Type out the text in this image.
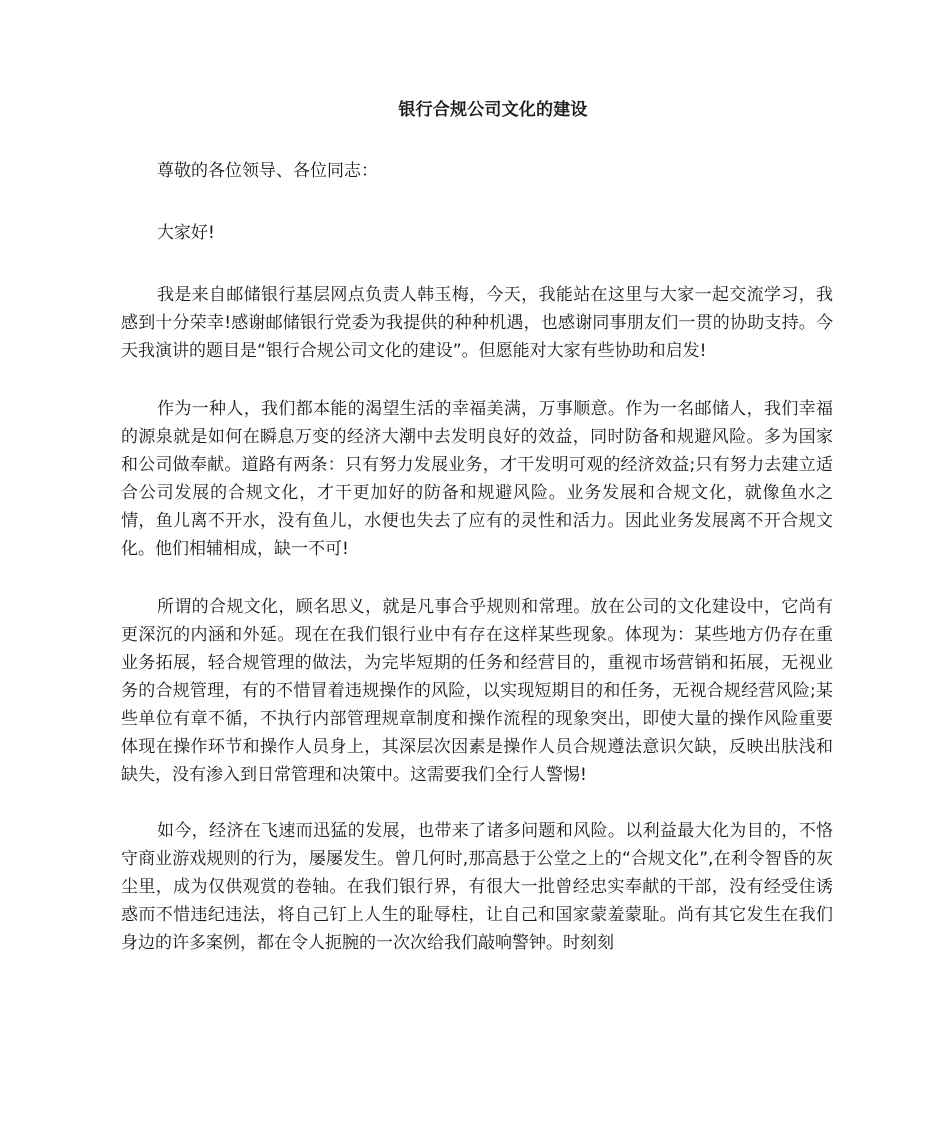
银行合规公司文化的建设

尊敬的各位领导、各位同志：

大家好!

我是来自邮储银行基层网点负责人韩玉梅，今天，我能站在这里与大家一起交流学习，我感到十分荣幸!感谢邮储银行党委为我提供的种种机遇，也感谢同事朋友们一贯的协助支持。今天我演讲的题目是“银行合规公司文化的建设”。但愿能对大家有些协助和启发!

作为一种人，我们都本能的渴望生活的幸福美满，万事顺意。作为一名邮储人，我们幸福的源泉就是如何在瞬息万变的经济大潮中去发明良好的效益，同时防备和规避风险。多为国家和公司做奉献。道路有两条：只有努力发展业务，才干发明可观的经济效益;只有努力去建立适合公司发展的合规文化，才干更加好的防备和规避风险。业务发展和合规文化，就像鱼水之情，鱼儿离不开水，没有鱼儿，水便也失去了应有的灵性和活力。因此业务发展离不开合规文化。他们相辅相成，缺一不可!

所谓的合规文化，顾名思义，就是凡事合乎规则和常理。放在公司的文化建设中，它尚有更深沉的内涵和外延。现在在我们银行业中有存在这样某些现象。体现为：某些地方仍存在重业务拓展，轻合规管理的做法，为完毕短期的任务和经营目的，重视市场营销和拓展，无视业务的合规管理，有的不惜冒着违规操作的风险，以实现短期目的和任务，无视合规经营风险;某些单位有章不循，不执行内部管理规章制度和操作流程的现象突出，即使大量的操作风险重要体现在操作环节和操作人员身上，其深层次因素是操作人员合规遵法意识欠缺，反映出肤浅和缺失，没有渗入到日常管理和决策中。这需要我们全行人警惕!

如今，经济在飞速而迅猛的发展，也带来了诸多问题和风险。以利益最大化为目的，不恪守商业游戏规则的行为，屡屡发生。曾几何时,那高悬于公堂之上的“合规文化”,在利令智昏的灰尘里，成为仅供观赏的卷轴。在我们银行界，有很大一批曾经忠实奉献的干部，没有经受住诱惑而不惜违纪违法，将自己钉上人生的耻辱柱，让自己和国家蒙羞蒙耻。尚有其它发生在我们身边的许多案例，都在令人扼腕的一次次给我们敲响警钟。时刻刻
